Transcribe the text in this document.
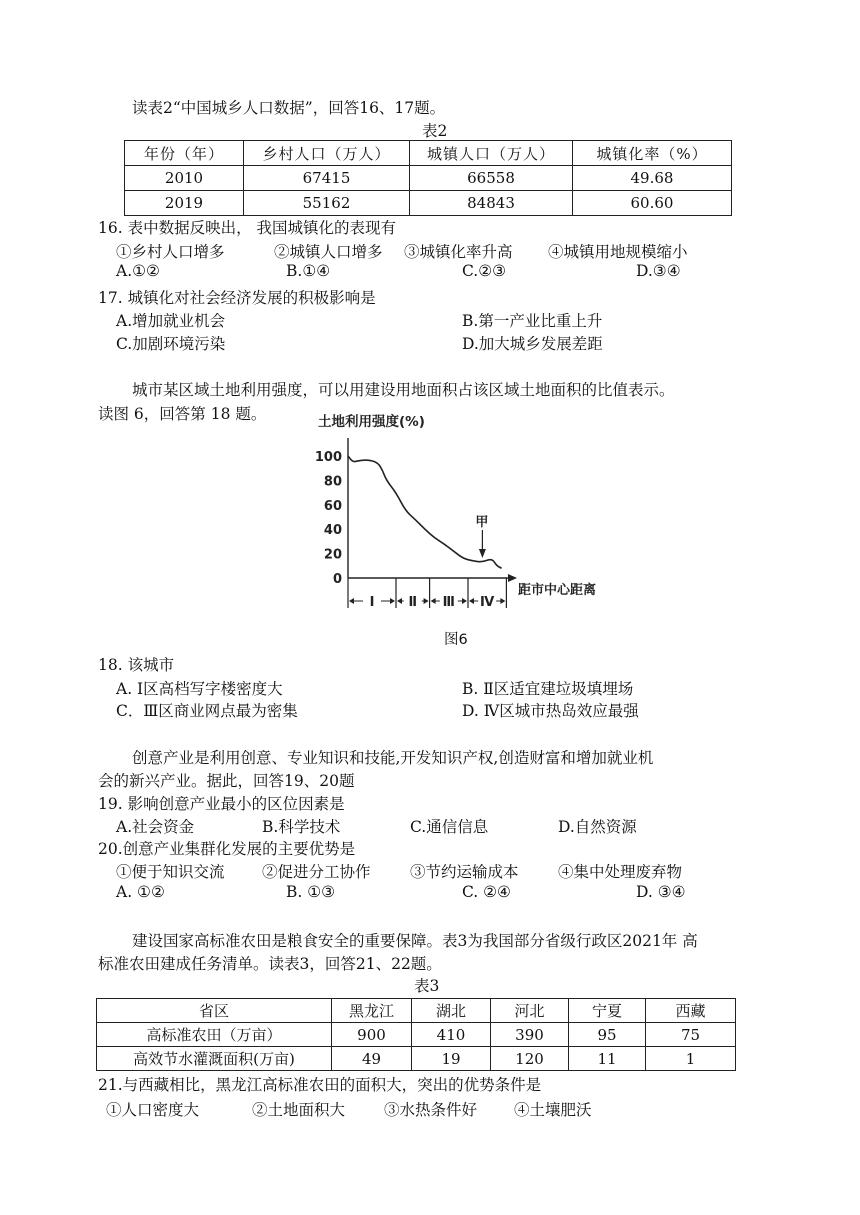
读表2“中国城乡人口数据”，回答16、17题。
表2
年份（年）	乡村人口（万人）	城镇人口（万人）	城镇化率（%）
2010	67415	66558	49.68
2019	55162	84843	60.60
16. 表中数据反映出， 我国城镇化的表现有
①乡村人口增多	②城镇人口增多 ③城镇化率升高 ④城镇用地规模缩小
A.①②	B.①④	C.②③	D.③④
17. 城镇化对社会经济发展的积极影响是
A.增加就业机会	B.第一产业比重上升
C.加剧环境污染	D.加大城乡发展差距
城市某区域土地利用强度，可以用建设用地面积占该区域土地面积的比值表示。
读图 6，回答第 18 题。	土地利用强度(%)
100
80
60
40
20
0
距市中心距离
Ⅰ	Ⅱ Ⅲ Ⅳ
甲
图6
18. 该城市
A. Ⅰ区高档写字楼密度大	B. Ⅱ区适宜建垃圾填埋场
C．Ⅲ区商业网点最为密集	D. Ⅳ区城市热岛效应最强
创意产业是利用创意、专业知识和技能,开发知识产权,创造财富和增加就业机
会的新兴产业。据此，回答19、20题
19. 影响创意产业最小的区位因素是
A.社会资金	B.科学技术	C.通信信息	D.自然资源
20.创意产业集群化发展的主要优势是
①便于知识交流 ②促进分工协作	③节约运输成本	④集中处理废弃物
A. ①②	B. ①③	C. ②④	D. ③④
建设国家高标准农田是粮食安全的重要保障。表3为我国部分省级行政区2021年 高
标准农田建成任务清单。读表3，回答21、22题。
表3
省区	黑龙江	湖北	河北	宁夏	西藏
高标准农田（万亩）	900	410	390	95	75
高效节水灌溉面积(万亩)	49	19	120	11	1
21.与西藏相比，黑龙江高标准农田的面积大，突出的优势条件是
①人口密度大	②土地面积大	③水热条件好 ④土壤肥沃
